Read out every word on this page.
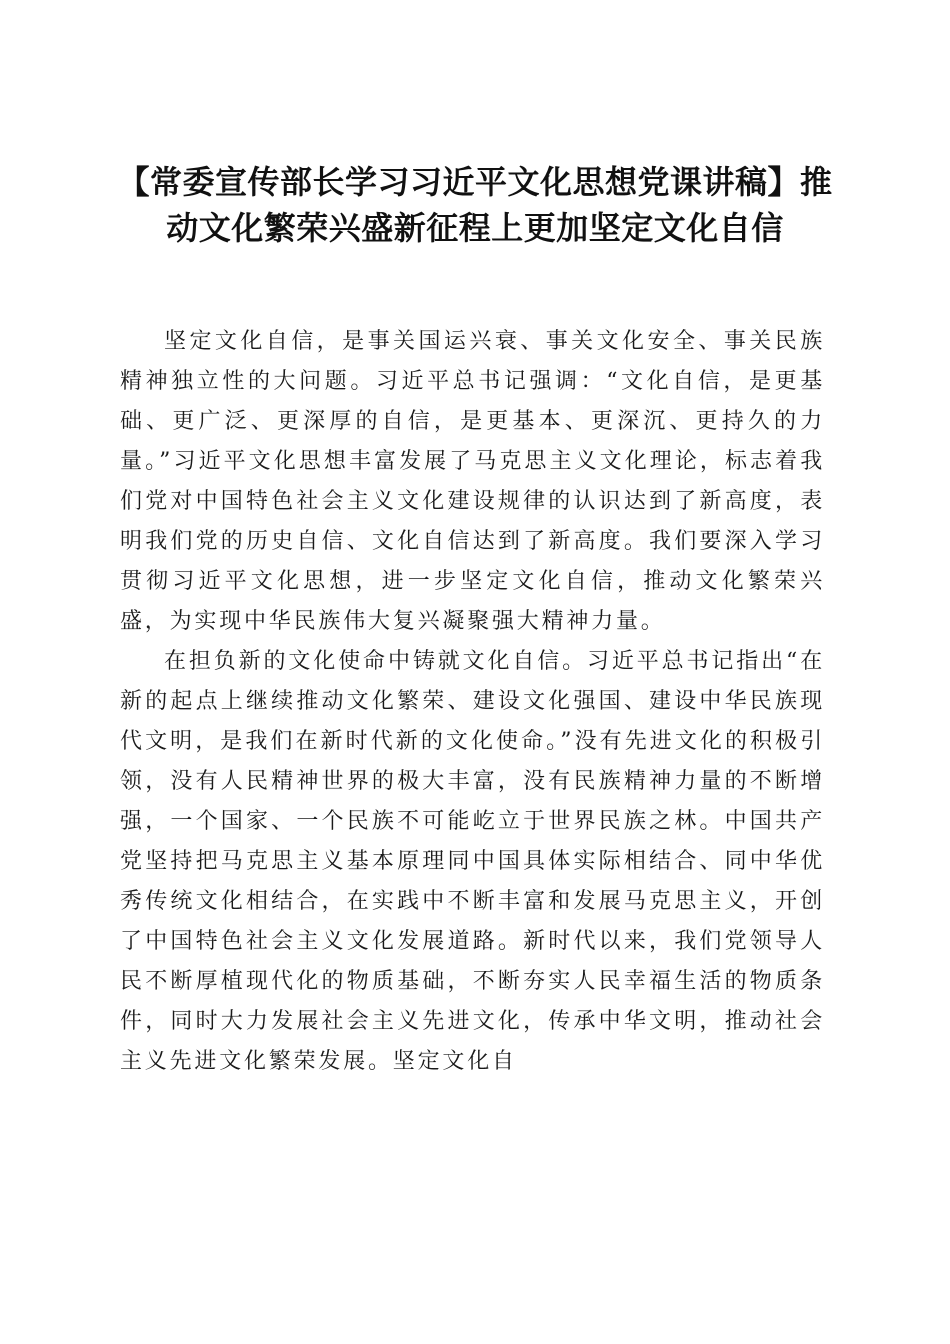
【常委宣传部长学习习近平文化思想党课讲稿】推动文化繁荣兴盛新征程上更加坚定文化自信

坚定文化自信，是事关国运兴衰、事关文化安全、事关民族精神独立性的大问题。习近平总书记强调：“文化自信，是更基础、更广泛、更深厚的自信，是更基本、更深沉、更持久的力量。”习近平文化思想丰富发展了马克思主义文化理论，标志着我们党对中国特色社会主义文化建设规律的认识达到了新高度，表明我们党的历史自信、文化自信达到了新高度。我们要深入学习贯彻习近平文化思想，进一步坚定文化自信，推动文化繁荣兴盛，为实现中华民族伟大复兴凝聚强大精神力量。

在担负新的文化使命中铸就文化自信。习近平总书记指出“在新的起点上继续推动文化繁荣、建设文化强国、建设中华民族现代文明，是我们在新时代新的文化使命。”没有先进文化的积极引领，没有人民精神世界的极大丰富，没有民族精神力量的不断增强，一个国家、一个民族不可能屹立于世界民族之林。中国共产党坚持把马克思主义基本原理同中国具体实际相结合、同中华优秀传统文化相结合，在实践中不断丰富和发展马克思主义，开创了中国特色社会主义文化发展道路。新时代以来，我们党领导人民不断厚植现代化的物质基础，不断夯实人民幸福生活的物质条件，同时大力发展社会主义先进文化，传承中华文明，推动社会主义先进文化繁荣发展。坚定文化自
